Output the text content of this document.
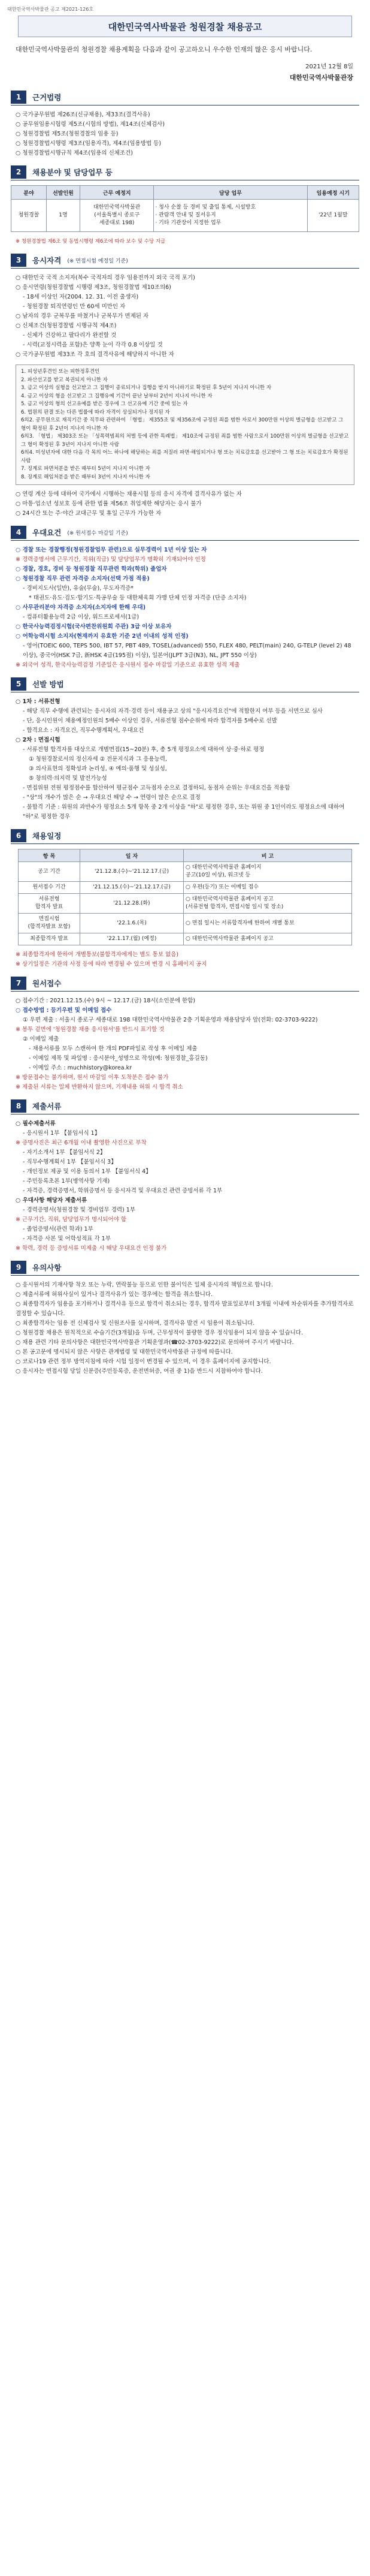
대한민국역사박물관 공고 제2021-126호
대한민국역사박물관 청원경찰 채용공고
대한민국역사박물관의 청원경찰 채용계획을 다음과 같이 공고하오니 우수한 인재의 많은 응시 바랍니다.
2021년 12월 8일
대한민국역사박물관장
1	근거법령
○ 국가공무원법 제26조(신규채용), 제33조(결격사유)
○ 공무원임용시험령 제5조(시험의 방법), 제14조(신체검사)
○ 청원경찰법 제5조(청원경찰의 임용 등)
○ 청원경찰법시행령 제3조(임용자격), 제4조(임용방법 등)
○ 청원경찰법시행규칙 제4조(임용의 신체조건)
2	채용분야 및 담당업무 등
분야	선발인원	근무 예정지	담당 업무	임용예정 시기
청원경찰	1명	대한민국역사박물관
(서울특별시 종로구
세종대로 198)	· 청사 순찰 등 경비 및 출입 통제, 시설방호
· 관람객 안내 및 질서유지
· 기타 기관장이 지정한 업무	'22년 1월말
※ 청원경찰법 제6조 및 동법시행령 제6조에 따라 보수 및 수당 지급
3	응시자격 (※ 면접시험 예정일 기준)
○ 대한민국 국적 소지자(복수 국적자의 경우 임용전까지 외국 국적 포기)
○ 응시연령(청원경찰법 시행령 제3조, 청원경찰법 제10조의6)
- 18세 이상인 자(2004. 12. 31. 이전 출생자)
- 청원경찰 퇴직연령인 만 60세 미만인 자
○ 남자의 경우 군복무를 마쳤거나 군복무가 면제된 자
○ 신체조건(청원경찰법 시행규칙 제4조)
- 신체가 건강하고 팔다리가 완전할 것
- 시력(교정시력을 포함)은 양쪽 눈이 각각 0.8 이상일 것
○ 국가공무원법 제33조 각 호의 결격사유에 해당하지 아니한 자
1. 피성년후견인 또는 피한정후견인
2. 파산선고를 받고 복권되지 아니한 자
3. 금고 이상의 실형을 선고받고 그 집행이 종료되거나 집행을 받지 아니하기로 확정된 후 5년이 지나지 아니한 자
4. 금고 이상의 형을 선고받고 그 집행유예 기간이 끝난 날부터 2년이 지나지 아니한 자
5. 금고 이상의 형의 선고유예를 받은 경우에 그 선고유예 기간 중에 있는 자
6. 법원의 판결 또는 다른 법률에 따라 자격이 상실되거나 정지된 자
6의2. 공무원으로 재직기간 중 직무와 관련하여 「형법」 제355조 및 제356조에 규정된 죄를 범한 자로서 300만원 이상의 벌금형을 선고받고 그 형이 확정된 후 2년이 지나지 아니한 자
6의3. 「형법」 제303조 또는 「성폭력범죄의 처벌 등에 관한 특례법」 제10조에 규정된 죄를 범한 사람으로서 100만원 이상의 벌금형을 선고받고 그 형이 확정된 후 3년이 지나지 아니한 사람
6의4. 미성년자에 대한 다음 각 목의 어느 하나에 해당하는 죄를 저질러 파면·해임되거나 형 또는 치료감호를 선고받아 그 형 또는 치료감호가 확정된 사람
7. 징계로 파면처분을 받은 때부터 5년이 지나지 아니한 자
8. 징계로 해임처분을 받은 때부터 3년이 지나지 아니한 자
○ 연령 계산 등에 대하여 국가에서 시행하는 채용시험 등의 응시 자격에 결격사유가 없는 자
○ 마통·업소년 성보호 등에 관한 법률 제56조 취업제한 해당자는 응시 불가
○ 24시간 또는 주·야간 교대근무 및 휴일 근무가 가능한 자
4	우대요건 (※ 원서접수 마감일 기준)
○ 경찰 또는 경찰행정(청원경찰업무 관련)으로 실무경력이 1년 이상 있는 자
※ 경력증명서에 근무기간, 직위(직급) 및 담당업무가 명확히 기재되어야 인정
○ 경찰, 경호, 경비 등 청원경찰 직무관련 학과(학위) 졸업자
○ 청원경찰 직무 관련 자격증 소지자(선택 가점 적용)
- 경비지도사(일반), 유술(무술), 무도자격증*
* 태권도·유도·검도·합기도·특공무술 등 대한체육회 가맹 단체 인정 자격증 (단증 소지자)
○ 사무관리분야 자격증 소지자(소지자에 한해 우대)
- 컴퓨터활용능력 2급 이상, 워드프로세서(1급)
○ 한국사능력검정시험(국사편찬위원회 주관) 3급 이상 보유자
○ 어학능력시험 소지자(현재까지 유효한 기준 2년 이내의 성적 인정)
- 영어(TOEIC 600, TEPS 500, IBT 57, PBT 489, TOSEL(advanced) 550, FLEX 480, PELT(main) 240, G-TELP (level 2) 48 이상), 중국어(HSK 7급, 新HSK 4급(195점) 이상), 일본어(JLPT 3급(N3), NL, JPT 550 이상)
※ 외국어 성적, 한국사능력검정 기준일은 응시원서 접수 마감일 기준으로 유효한 성적 제출
5	선발 방법
○ 1차 : 서류전형
- 해당 직무 수행에 관련되는 응시자의 자격·경력 등이 채용공고 상의 "응시자격요건"에 적합한지 여부 등을 서면으로 심사
- 단, 응시인원이 채용예정인원의 5배수 이상인 경우, 서류전형 점수순위에 따라 합격자를 5배수로 선발
- 합격요소 : 자격요건, 직무수행계획서, 우대요건
○ 2차 : 면접시험
- 서류전형 합격자를 대상으로 개별면접(15~20분) 후, 총 5개 평정요소에 대하여 상·중·하로 평정
① 청원경찰로서의 정신자세 ② 전문지식과 그 응용능력,
③ 의사표현의 정확성과 논리성, ④ 예의·품행 및 성실성,
⑤ 창의력·의지력 및 발전가능성
- 면접위원 전원 평정점수를 합산하여 평균점수 고득점자 순으로 결정하되, 동점자 순위는 우대요건을 적용함
- "상"의 개수가 많은 순 → 우대요건 해당 수 → 연령이 많은 순으로 결정
- 불합격 기준 : 위원의 과반수가 평정요소 5개 항목 중 2개 이상을 "하"로 평정한 경우, 또는 위원 중 1인이라도 평정요소에 대하여 "하"로 평정한 경우
6	채용일정
항 목	일 자	비 고
공고 기간	'21.12.8.(수)~'21.12.17.(금)	○ 대한민국역사박물관 홈페이지
공고(10일 이상), 워크넷 등
원서접수 기간	'21.12.15.(수)~'21.12.17.(금)	○ 우편(등기) 또는 이메일 접수
서류전형
합격자 발표	'21.12.28.(화)	○ 대한민국역사박물관 홈페이지 공고
(서류전형 합격자, 면접시험 일시 및 장소)
면접시험
(합격자발표 포함)	'22.1.6.(목)	○ 면접 일시는 서류합격자에 한하여 개별 통보
최종합격자 발표	'22.1.17.(월) (예정)	○ 대한민국역사박물관 홈페이지 공고
※ 최종합격자에 한하여 개별통보(불합격자에게는 별도 통보 없음)
※ 상기일정은 기관의 사정 등에 따라 변경될 수 있으며 변경 시 홈페이지 공지
7	원서접수
○ 접수기간 : 2021.12.15.(수) 9시 ~ 12.17.(금) 18시(소인분에 한함)
○ 접수방법 : 등기우편 및 이메일 접수
① 우편 제출 : 서울시 종로구 세종대로 198 대한민국역사박물관 2층 기획운영과 채용담당자 앞(전화: 02-3703-9222)
※ 봉투 겉면에 '청원경찰 채용 응시원서'를 반드시 표기할 것
② 이메일 제출
- 채용서류를 모두 스캔하여 한 개의 PDF파일로 작성 후 이메일 제출
- 이메일 제목 및 파일명 : 응시분야_성명으로 작성(예: 청원경찰_홍길동)
- 이메일 주소 : muchhistory@korea.kr
※ 방문접수는 불가하며, 원서 마감일 이후 도착분은 접수 불가
※ 제출된 서류는 일체 반환하지 않으며, 기재내용 허위 시 합격 취소
8	제출서류
○ 필수제출서류
- 응시원서 1부 【붙임서식 1】
※ 증명사진은 최근 6개월 이내 촬영한 사진으로 부착
- 자기소개서 1부 【붙임서식 2】
- 직무수행계획서 1부 【붙임서식 3】
- 개인정보 제공 및 이용 동의서 1부 【붙임서식 4】
- 주민등록초본 1부(병역사항 기재)
- 자격증, 경력증명서, 학위증명서 등 응시자격 및 우대요건 관련 증빙서류 각 1부
○ 우대사항 해당자 제출서류
- 경력증명서(청원경찰 및 경비업무 경력) 1부
※ 근무기간, 직위, 담당업무가 명시되어야 함
- 졸업증명서(관련 학과) 1부
- 자격증 사본 및 어학성적표 각 1부
※ 학력, 경력 등 증빙서류 미제출 시 해당 우대요건 인정 불가
9	유의사항
○ 응시원서의 기재사항 착오 또는 누락, 연락불능 등으로 인한 불이익은 일체 응시자의 책임으로 합니다.
○ 제출서류에 허위사실이 있거나 결격사유가 있는 경우에는 합격을 취소합니다.
○ 최종합격자가 임용을 포기하거나 결격사유 등으로 합격이 취소되는 경우, 합격자 발표일로부터 3개월 이내에 차순위자를 추가합격자로 결정할 수 있습니다.
○ 최종합격자는 임용 전 신체검사 및 신원조사를 실시하며, 결격사유 발견 시 임용이 취소됩니다.
○ 청원경찰 채용은 원칙적으로 수습기간(3개월)을 두며, 근무성적이 불량한 경우 정식임용이 되지 않을 수 있습니다.
○ 채용 관련 기타 문의사항은 대한민국역사박물관 기획운영과(☎02-3703-9222)로 문의하여 주시기 바랍니다.
○ 본 공고문에 명시되지 않은 사항은 관계법령 및 대한민국역사박물관 규정에 따릅니다.
○ 코로나19 관련 정부 방역지침에 따라 시험 일정이 변경될 수 있으며, 이 경우 홈페이지에 공지합니다.
○ 응시자는 면접시험 당일 신분증(주민등록증, 운전면허증, 여권 중 1)을 반드시 지참하여야 합니다.
